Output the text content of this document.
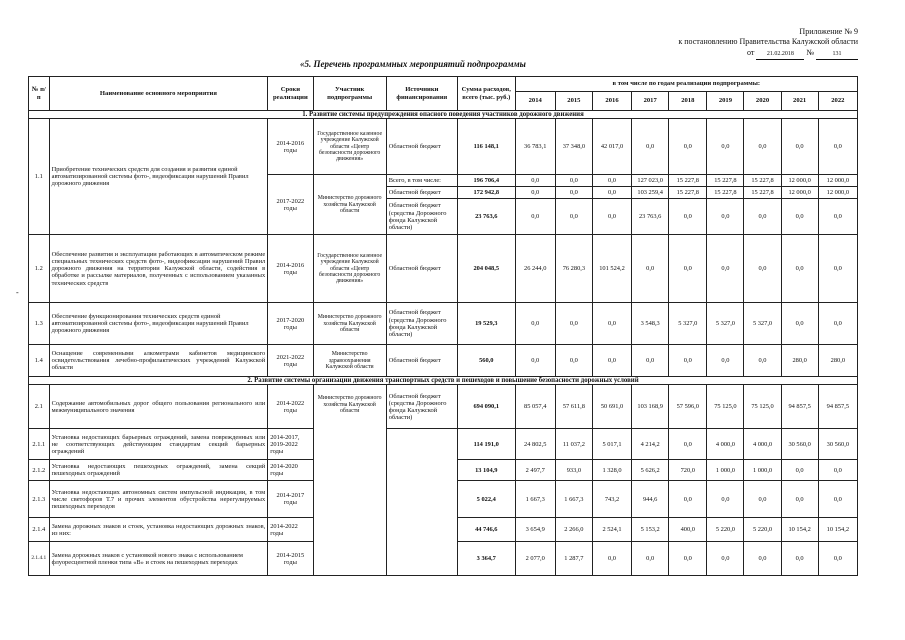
Приложение № 9
к постановлению Правительства Калужской области
от 21.02.2018 №	131
«5. Перечень программных мероприятий подпрограммы
-
№ п/п	Наименование основного мероприятия	Сроки реализации	Участник подпрограммы	Источники финансирования	Сумма расходов, всего (тыс. руб.)	в том числе по годам реализации подпрограммы:								
						2014	2015	2016	2017	2018	2019	2020	2021	2022
1. Развитие системы предупреждения опасного поведения участников дорожного движения														
1.1	Приобретение технических средств для создания и развития единой автоматизированной системы фото-, видеофиксации нарушений Правил дорожного движения	2014-2016 годы	Государственное казенное учреждение Калужской области «Центр безопасности дорожного движения»	Областной бюджет	116 148,1	36 783,1	37 348,0	42 017,0	0,0	0,0	0,0	0,0	0,0	0,0
		2017-2022 годы	Министерство дорожного хозяйства Калужской области	Всего, в том числе:	196 706,4	0,0	0,0	0,0	127 023,0	15 227,8	15 227,8	15 227,8	12 000,0	12 000,0
				Областной бюджет	172 942,8	0,0	0,0	0,0	103 259,4	15 227,8	15 227,8	15 227,8	12 000,0	12 000,0
				Областной бюджет (средства Дорожного фонда Калужской области)	23 763,6	0,0	0,0	0,0	23 763,6	0,0	0,0	0,0	0,0	0,0
1.2	Обеспечение развития и эксплуатации работающих в автоматическом режиме специальных технических средств фото-, видеофиксации нарушений Правил дорожного движения на территории Калужской области, содействия в обработке и рассылке материалов, полученных с использованием указанных технических средств	2014-2016 годы	Государственное казенное учреждение Калужской области «Центр безопасности дорожного движения»	Областной бюджет	204 048,5	26 244,0	76 280,3	101 524,2	0,0	0,0	0,0	0,0	0,0	0,0
1.3	Обеспечение функционирования технических средств единой автоматизированной системы фото-, видеофиксации нарушений Правил дорожного движения	2017-2020 годы	Министерство дорожного хозяйства Калужской области	Областной бюджет (средства Дорожного фонда Калужской области)	19 529,3	0,0	0,0	0,0	3 548,3	5 327,0	5 327,0	5 327,0	0,0	0,0
1.4	Оснащение современными алкометрами кабинетов медицинского освидетельствования лечебно-профилактических учреждений Калужской области	2021-2022 годы	Министерство здравоохранения Калужской области	Областной бюджет	560,0	0,0	0,0	0,0	0,0	0,0	0,0	0,0	280,0	280,0
2. Развитие системы организации движения транспортных средств и пешеходов и повышение безопасности дорожных условий														
2.1	Содержание автомобильных дорог общего пользования регионального или межмуниципального значения	2014-2022 годы	Министерство дорожного хозяйства Калужской области	Областной бюджет (средства Дорожного фонда Калужской области)	694 090,1	85 057,4	57 611,8	50 691,0	103 168,9	57 596,0	75 125,0	75 125,0	94 857,5	94 857,5
2.1.1	Установка недостающих барьерных ограждений, замена поврежденных или не соответствующих действующим стандартам секций барьерных ограждений	2014-2017, 2019-2022 годы			114 191,0	24 802,5	11 037,2	5 017,1	4 214,2	0,0	4 000,0	4 000,0	30 560,0	30 560,0
2.1.2	Установка недостающих пешеходных ограждений, замена секций пешеходных ограждений	2014-2020 годы			13 104,9	2 497,7	933,0	1 328,0	5 626,2	720,0	1 000,0	1 000,0	0,0	0,0
2.1.3	Установка недостающих автономных систем импульсной индикации, в том числе светофоров Т.7 и прочих элементов обустройства нерегулируемых пешеходных переходов	2014-2017 годы			5 022,4	1 667,3	1 667,3	743,2	944,6	0,0	0,0	0,0	0,0	0,0
2.1.4	Замена дорожных знаков и стоек, установка недостающих дорожных знаков, из них:	2014-2022 годы			44 746,6	3 654,9	2 266,0	2 524,1	5 153,2	400,0	5 220,0	5 220,0	10 154,2	10 154,2
2.1.4.1	Замена дорожных знаков с установкой нового знака с использованием флуоресцентной пленки типа «В» и стоек на пешеходных переходах	2014-2015 годы			3 364,7	2 077,0	1 287,7	0,0	0,0	0,0	0,0	0,0	0,0	0,0
